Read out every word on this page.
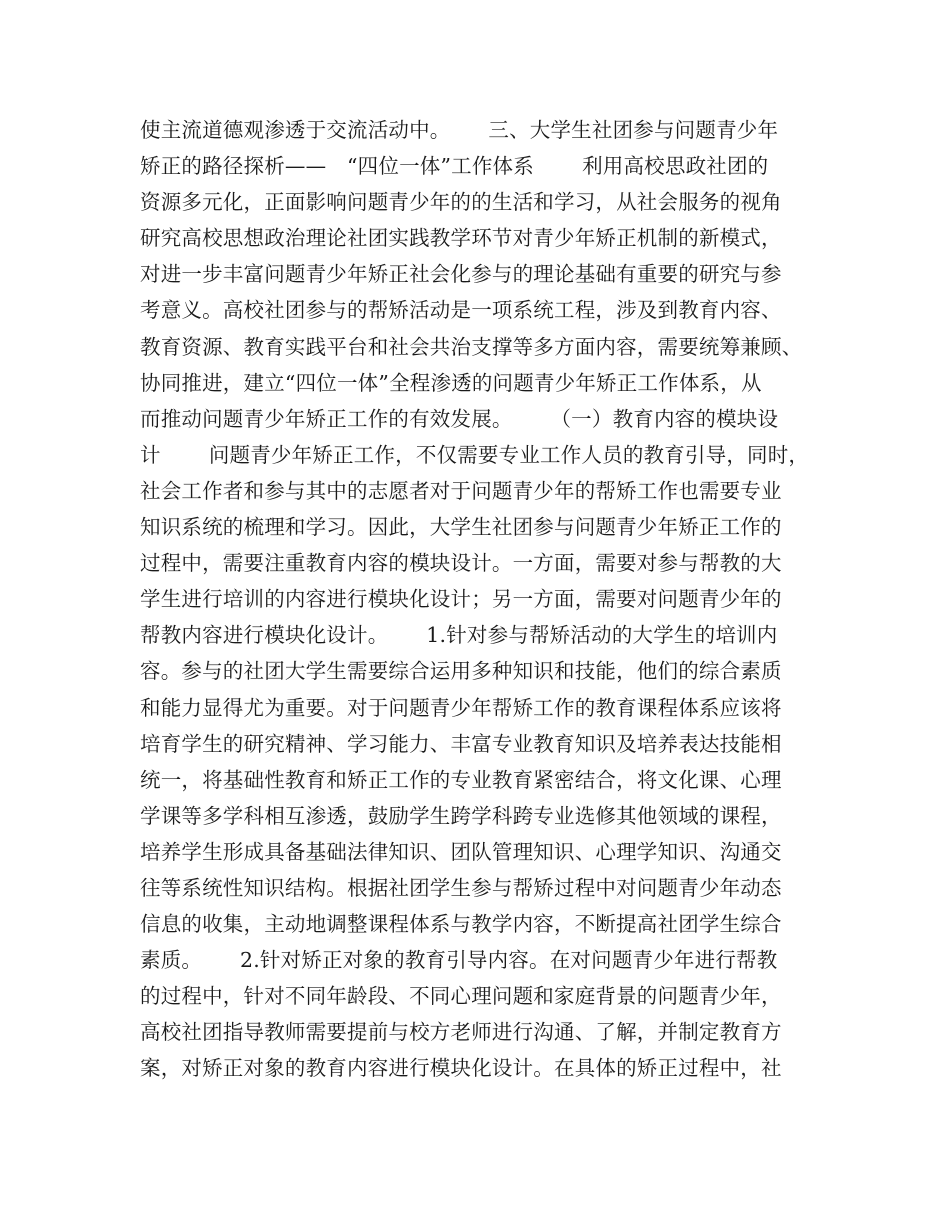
使主流道德观渗透于交流活动中。　　 三、大学生社团参与问题青少年
矫正的路径探析——　“四位一体”工作体系　　 利用高校思政社团的
资源多元化，正面影响问题青少年的的生活和学习，从社会服务的视角
研究高校思想政治理论社团实践教学环节对青少年矫正机制的新模式，
对进一步丰富问题青少年矫正社会化参与的理论基础有重要的研究与参
考意义。高校社团参与的帮矫活动是一项系统工程，涉及到教育内容、
教育资源、教育实践平台和社会共治支撑等多方面内容，需要统筹兼顾、
协同推进，建立“四位一体”全程渗透的问题青少年矫正工作体系，从
而推动问题青少年矫正工作的有效发展。　　 （一）教育内容的模块设
计　　 问题青少年矫正工作，不仅需要专业工作人员的教育引导，同时，
社会工作者和参与其中的志愿者对于问题青少年的帮矫工作也需要专业
知识系统的梳理和学习。因此，大学生社团参与问题青少年矫正工作的
过程中，需要注重教育内容的模块设计。一方面，需要对参与帮教的大
学生进行培训的内容进行模块化设计；另一方面，需要对问题青少年的
帮教内容进行模块化设计。　　 1.针对参与帮矫活动的大学生的培训内
容。参与的社团大学生需要综合运用多种知识和技能，他们的综合素质
和能力显得尤为重要。对于问题青少年帮矫工作的教育课程体系应该将
培育学生的研究精神、学习能力、丰富专业教育知识及培养表达技能相
统一，将基础性教育和矫正工作的专业教育紧密结合，将文化课、心理
学课等多学科相互渗透，鼓励学生跨学科跨专业选修其他领域的课程，
培养学生形成具备基础法律知识、团队管理知识、心理学知识、沟通交
往等系统性知识结构。根据社团学生参与帮矫过程中对问题青少年动态
信息的收集，主动地调整课程体系与教学内容，不断提高社团学生综合
素质。　　 2.针对矫正对象的教育引导内容。在对问题青少年进行帮教
的过程中，针对不同年龄段、不同心理问题和家庭背景的问题青少年，
高校社团指导教师需要提前与校方老师进行沟通、了解，并制定教育方
案，对矫正对象的教育内容进行模块化设计。在具体的矫正过程中，社
